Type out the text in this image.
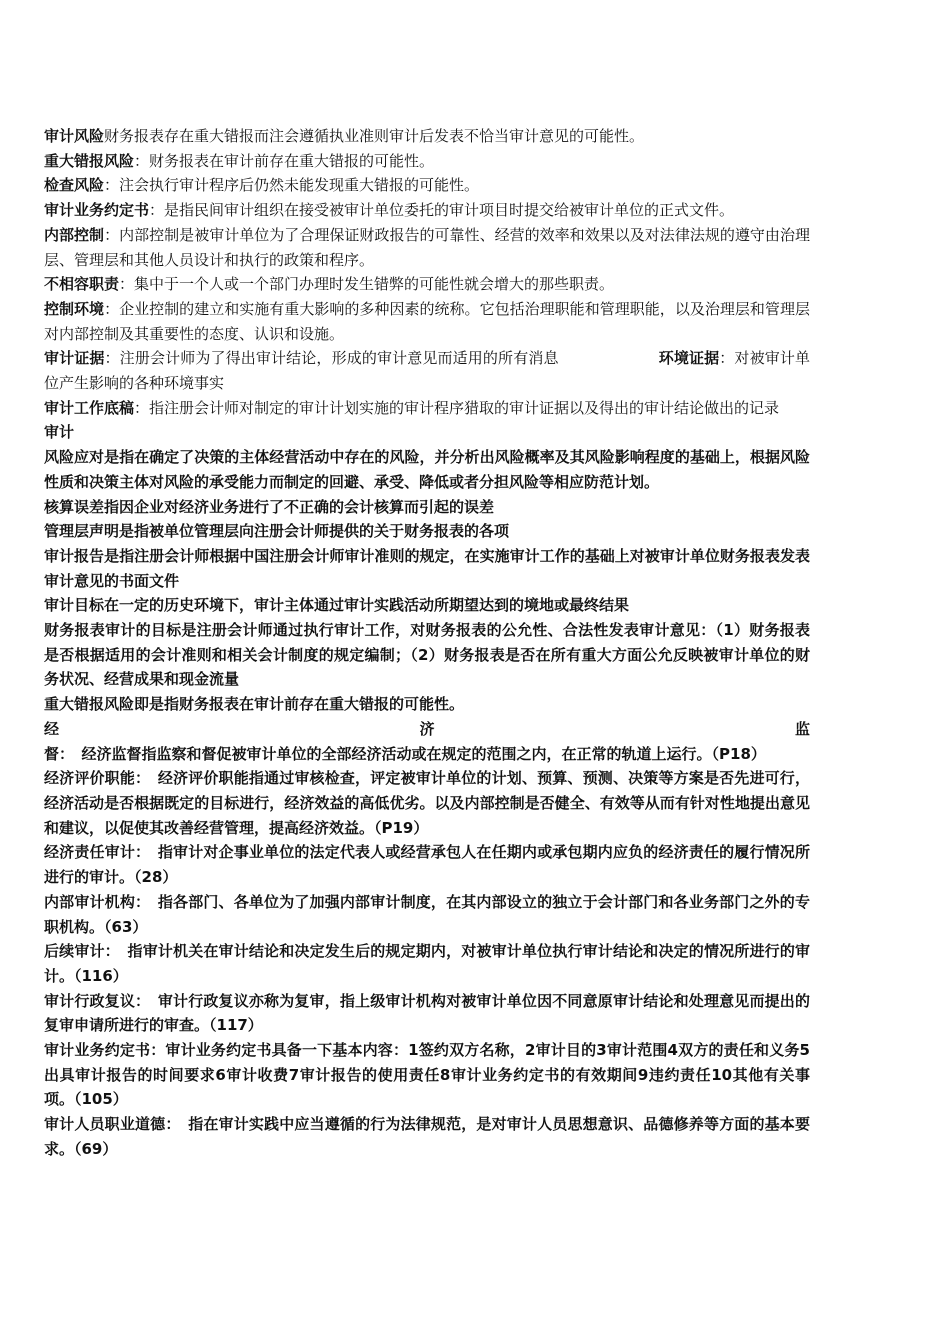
审计风险财务报表存在重大错报而注会遵循执业准则审计后发表不恰当审计意见的可能性。

重大错报风险：财务报表在审计前存在重大错报的可能性。

检查风险：注会执行审计程序后仍然未能发现重大错报的可能性。

审计业务约定书：是指民间审计组织在接受被审计单位委托的审计项目时提交给被审计单位的正式文件。

内部控制：内部控制是被审计单位为了合理保证财政报告的可靠性、经营的效率和效果以及对法律法规的遵守由治理层、管理层和其他人员设计和执行的政策和程序。

不相容职责：集中于一个人或一个部门办理时发生错弊的可能性就会增大的那些职责。

控制环境：企业控制的建立和实施有重大影响的多种因素的统称。它包括治理职能和管理职能，以及治理层和管理层对内部控制及其重要性的态度、认识和设施。

审计证据：注册会计师为了得出审计结论，形成的审计意见而适用的所有消息	环境证据：对被审计单位产生影响的各种环境事实

审计工作底稿：指注册会计师对制定的审计计划实施的审计程序猎取的审计证据以及得出的审计结论做出的记录

审计

风险应对是指在确定了决策的主体经营活动中存在的风险，并分析出风险概率及其风险影响程度的基础上，根据风险性质和决策主体对风险的承受能力而制定的回避、承受、降低或者分担风险等相应防范计划。

核算误差指因企业对经济业务进行了不正确的会计核算而引起的误差

管理层声明是指被单位管理层向注册会计师提供的关于财务报表的各项

审计报告是指注册会计师根据中国注册会计师审计准则的规定，在实施审计工作的基础上对被审计单位财务报表发表审计意见的书面文件

审计目标在一定的历史环境下，审计主体通过审计实践活动所期望达到的境地或最终结果

财务报表审计的目标是注册会计师通过执行审计工作，对财务报表的公允性、合法性发表审计意见：（1）财务报表是否根据适用的会计准则和相关会计制度的规定编制；（2）财务报表是否在所有重大方面公允反映被审计单位的财务状况、经营成果和现金流量

重大错报风险即是指财务报表在审计前存在重大错报的可能性。

经济监督：　经济监督指监察和督促被审计单位的全部经济活动或在规定的范围之内，在正常的轨道上运行。（P18）

经济评价职能：　经济评价职能指通过审核检查，评定被审计单位的计划、预算、预测、决策等方案是否先进可行，经济活动是否根据既定的目标进行，经济效益的高低优劣。以及内部控制是否健全、有效等从而有针对性地提出意见和建议，以促使其改善经营管理，提高经济效益。（P19）

经济责任审计：　指审计对企事业单位的法定代表人或经营承包人在任期内或承包期内应负的经济责任的履行情况所进行的审计。（28）

内部审计机构：　指各部门、各单位为了加强内部审计制度，在其内部设立的独立于会计部门和各业务部门之外的专职机构。（63）

后续审计：　指审计机关在审计结论和决定发生后的规定期内，对被审计单位执行审计结论和决定的情况所进行的审计。（116）

审计行政复议：　审计行政复议亦称为复审，指上级审计机构对被审计单位因不同意原审计结论和处理意见而提出的复审申请所进行的审查。（117）

审计业务约定书：审计业务约定书具备一下基本内容：1签约双方名称，2审计目的3审计范围4双方的责任和义务5出具审计报告的时间要求6审计收费7审计报告的使用责任8审计业务约定书的有效期间9违约责任10其他有关事项。（105）

审计人员职业道德：　指在审计实践中应当遵循的行为法律规范，是对审计人员思想意识、品德修养等方面的基本要求。（69）
